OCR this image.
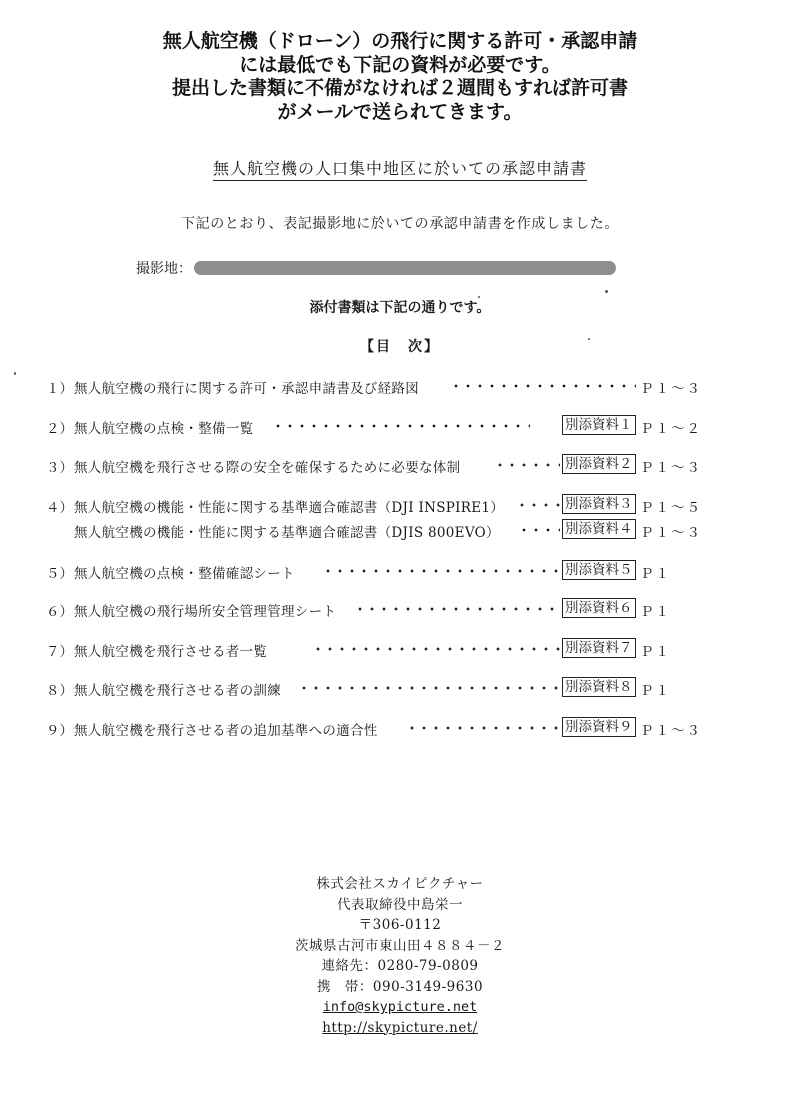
無人航空機（ドローン）の飛行に関する許可・承認申請
には最低でも下記の資料が必要です。
提出した書類に不備がなければ２週間もすれば許可書
がメールで送られてきます。
無人航空機の人口集中地区に於いての承認申請書
下記のとおり、表記撮影地に於いての承認申請書を作成しました。
撮影地：
添付書類は下記の通りです。
【目　次】
１） 無人航空機の飛行に関する許可・承認申請書及び経路図	Ｐ１〜３
２） 無人航空機の点検・整備一覧	別添資料１ Ｐ１〜２
３） 無人航空機を飛行させる際の安全を確保するために必要な体制	別添資料２ Ｐ１〜３
４） 無人航空機の機能・性能に関する基準適合確認書（DJI INSPIRE1）	別添資料３ Ｐ１〜５
無人航空機の機能・性能に関する基準適合確認書（DJIS 800EVO）	別添資料４ Ｐ１〜３
５） 無人航空機の点検・整備確認シート	別添資料５ Ｐ１
６） 無人航空機の飛行場所安全管理管理シート	別添資料６ Ｐ１
７） 無人航空機を飛行させる者一覧	別添資料７ Ｐ１
８） 無人航空機を飛行させる者の訓練	別添資料８ Ｐ１
９） 無人航空機を飛行させる者の追加基準への適合性	別添資料９ Ｐ１〜３
株式会社スカイピクチャー
代表取締役中島栄一
〒306-0112
茨城県古河市東山田４８８４－２
連絡先：0280-79-0809
携　帯：090-3149-9630
info@skypicture.net
http://skypicture.net/
